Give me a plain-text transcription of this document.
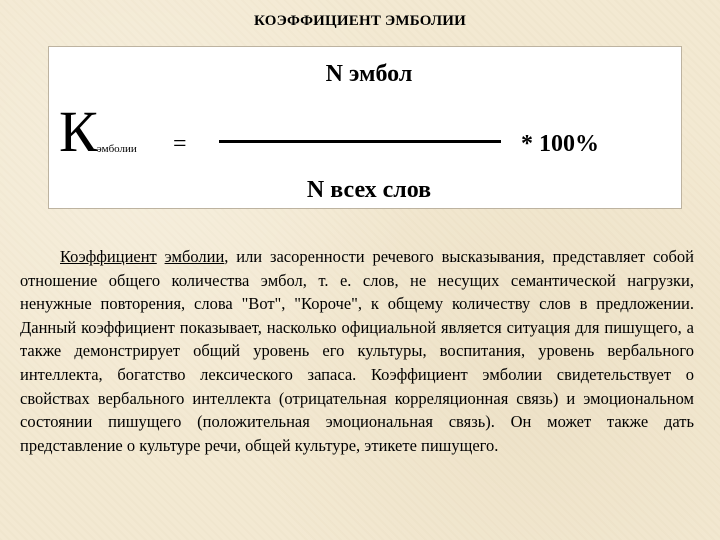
КОЭФФИЦИЕНТ ЭМБОЛИИ
N эмбол
К эмболии =	* 100%
N всех слов

Коэффициент эмболии, или засоренности речевого высказывания, представляет собой отношение общего количества эмбол, т. е. слов, не несущих семантической нагрузки, ненужные повторения, слова "Вот", "Короче", к общему количеству слов в предложении. Данный коэффициент показывает, насколько официальной является ситуация для пишущего, а также демонстрирует общий уровень его культуры, воспитания, уровень вербального интеллекта, богатство лексического запаса. Коэффициент эмболии свидетельствует о свойствах вербального интеллекта (отрицательная корреляционная связь) и эмоциональном состоянии пишущего (положительная эмоциональная связь). Он может также дать представление о культуре речи, общей культуре, этикете пишущего.
